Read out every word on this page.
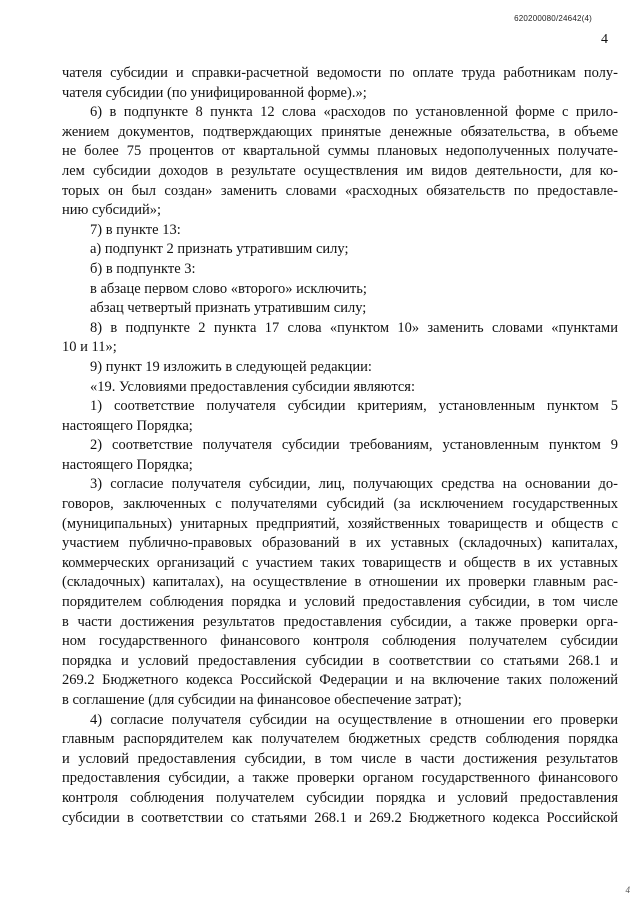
620200080/24642(4)
4
чателя субсидии и справки-расчетной ведомости по оплате труда работникам полу-
чателя субсидии (по унифицированной форме).»;
6) в подпункте 8 пункта 12 слова «расходов по установленной форме с прило-
жением документов, подтверждающих принятые денежные обязательства, в объеме
не более 75 процентов от квартальной суммы плановых недополученных получате-
лем субсидии доходов в результате осуществления им видов деятельности, для ко-
торых он был создан» заменить словами «расходных обязательств по предоставле-
нию субсидий»;
7) в пункте 13:
а) подпункт 2 признать утратившим силу;
б) в подпункте 3:
в абзаце первом слово «второго» исключить;
абзац четвертый признать утратившим силу;
8) в подпункте 2 пункта 17 слова «пунктом 10» заменить словами «пунктами
10 и 11»;
9) пункт 19 изложить в следующей редакции:
«19. Условиями предоставления субсидии являются:
1) соответствие получателя субсидии критериям, установленным пунктом 5
настоящего Порядка;
2) соответствие получателя субсидии требованиям, установленным пунктом 9
настоящего Порядка;
3) согласие получателя субсидии, лиц, получающих средства на основании до-
говоров, заключенных с получателями субсидий (за исключением государственных
(муниципальных) унитарных предприятий, хозяйственных товариществ и обществ с
участием публично-правовых образований в их уставных (складочных) капиталах,
коммерческих организаций с участием таких товариществ и обществ в их уставных
(складочных) капиталах), на осуществление в отношении их проверки главным рас-
порядителем соблюдения порядка и условий предоставления субсидии, в том числе
в части достижения результатов предоставления субсидии, а также проверки орга-
ном государственного финансового контроля соблюдения получателем субсидии
порядка и условий предоставления субсидии в соответствии со статьями 268.1 и
269.2 Бюджетного кодекса Российской Федерации и на включение таких положений
в соглашение (для субсидии на финансовое обеспечение затрат);
4) согласие получателя субсидии на осуществление в отношении его проверки
главным распорядителем как получателем бюджетных средств соблюдения порядка
и условий предоставления субсидии, в том числе в части достижения результатов
предоставления субсидии, а также проверки органом государственного финансового
контроля соблюдения получателем субсидии порядка и условий предоставления
субсидии в соответствии со статьями 268.1 и 269.2 Бюджетного кодекса Российской
4
